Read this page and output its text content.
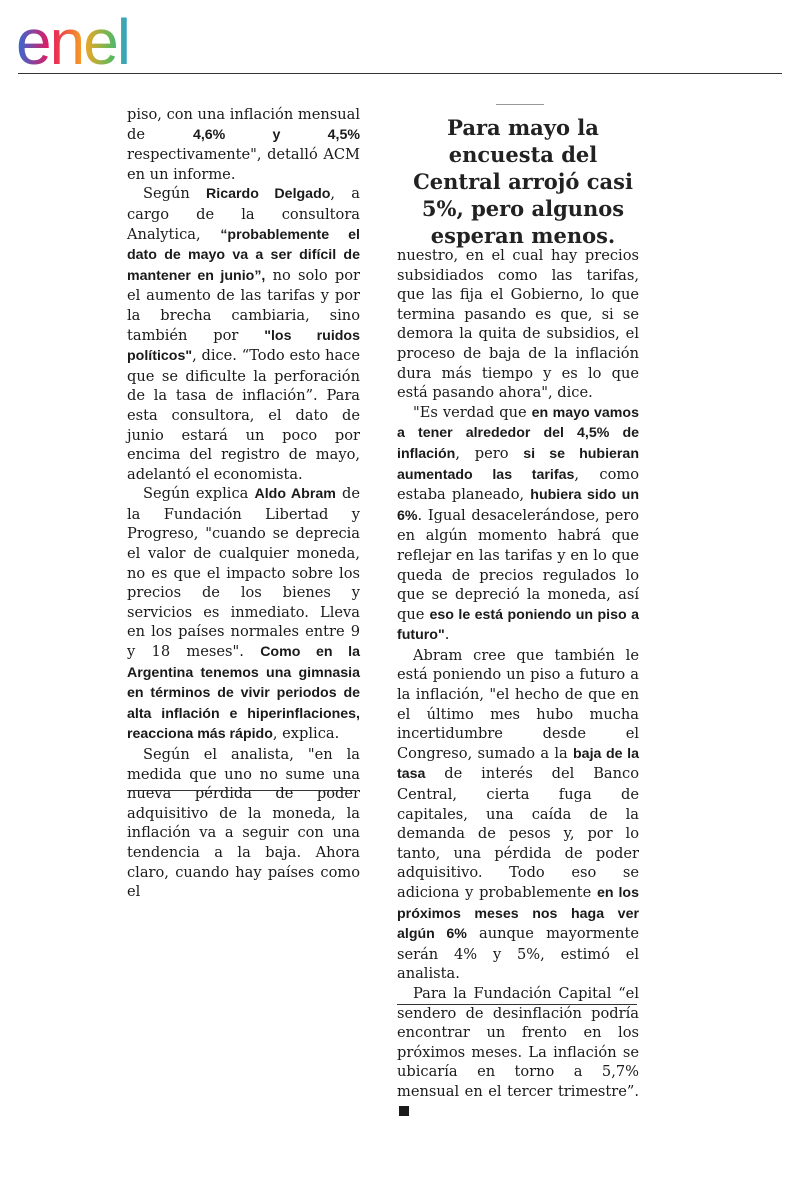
enel

piso, con una inflación mensual de 4,6% y 4,5% respectivamente", detalló ACM en un informe.

Según Ricardo Delgado, a cargo de la consultora Analytica, “probablemente el dato de mayo va a ser difícil de mantener en junio”, no solo por el aumento de las tarifas y por la brecha cambiaria, sino también por "los ruidos políticos", dice. “Todo esto hace que se dificulte la perforación de la tasa de inflación”. Para esta consultora, el dato de junio estará un poco por encima del registro de mayo, adelantó el economista.

Según explica Aldo Abram de la Fundación Libertad y Progreso, "cuando se deprecia el valor de cualquier moneda, no es que el impacto sobre los precios de los bienes y servicios es inmediato. Lleva en los países normales entre 9 y 18 meses". Como en la Argentina tenemos una gimnasia en términos de vivir periodos de alta inflación e hiperinflaciones, reacciona más rápido, explica.

Según el analista, "en la medida que uno no sume una nueva pérdida de poder adquisitivo de la moneda, la inflación va a seguir con una tendencia a la baja. Ahora claro, cuando hay países como el

Para mayo la encuesta del Central arrojó casi 5%, pero algunos esperan menos.

nuestro, en el cual hay precios subsidiados como las tarifas, que las fija el Gobierno, lo que termina pasando es que, si se demora la quita de subsidios, el proceso de baja de la inflación dura más tiempo y es lo que está pasando ahora", dice.

"Es verdad que en mayo vamos a tener alrededor del 4,5% de inflación, pero si se hubieran aumentado las tarifas, como estaba planeado, hubiera sido un 6%. Igual desacelerándose, pero en algún momento habrá que reflejar en las tarifas y en lo que queda de precios regulados lo que se depreció la moneda, así que eso le está poniendo un piso a futuro".

Abram cree que también le está poniendo un piso a futuro a la inflación, "el hecho de que en el último mes hubo mucha incertidumbre desde el Congreso, sumado a la baja de la tasa de interés del Banco Central, cierta fuga de capitales, una caída de la demanda de pesos y, por lo tanto, una pérdida de poder adquisitivo. Todo eso se adiciona y probablemente en los próximos meses nos haga ver algún 6% aunque mayormente serán 4% y 5%, estimó el analista.

Para la Fundación Capital “el sendero de desinflación podría encontrar un frento en los próximos meses. La inflación se ubicaría en torno a 5,7% mensual en el tercer trimestre”.
